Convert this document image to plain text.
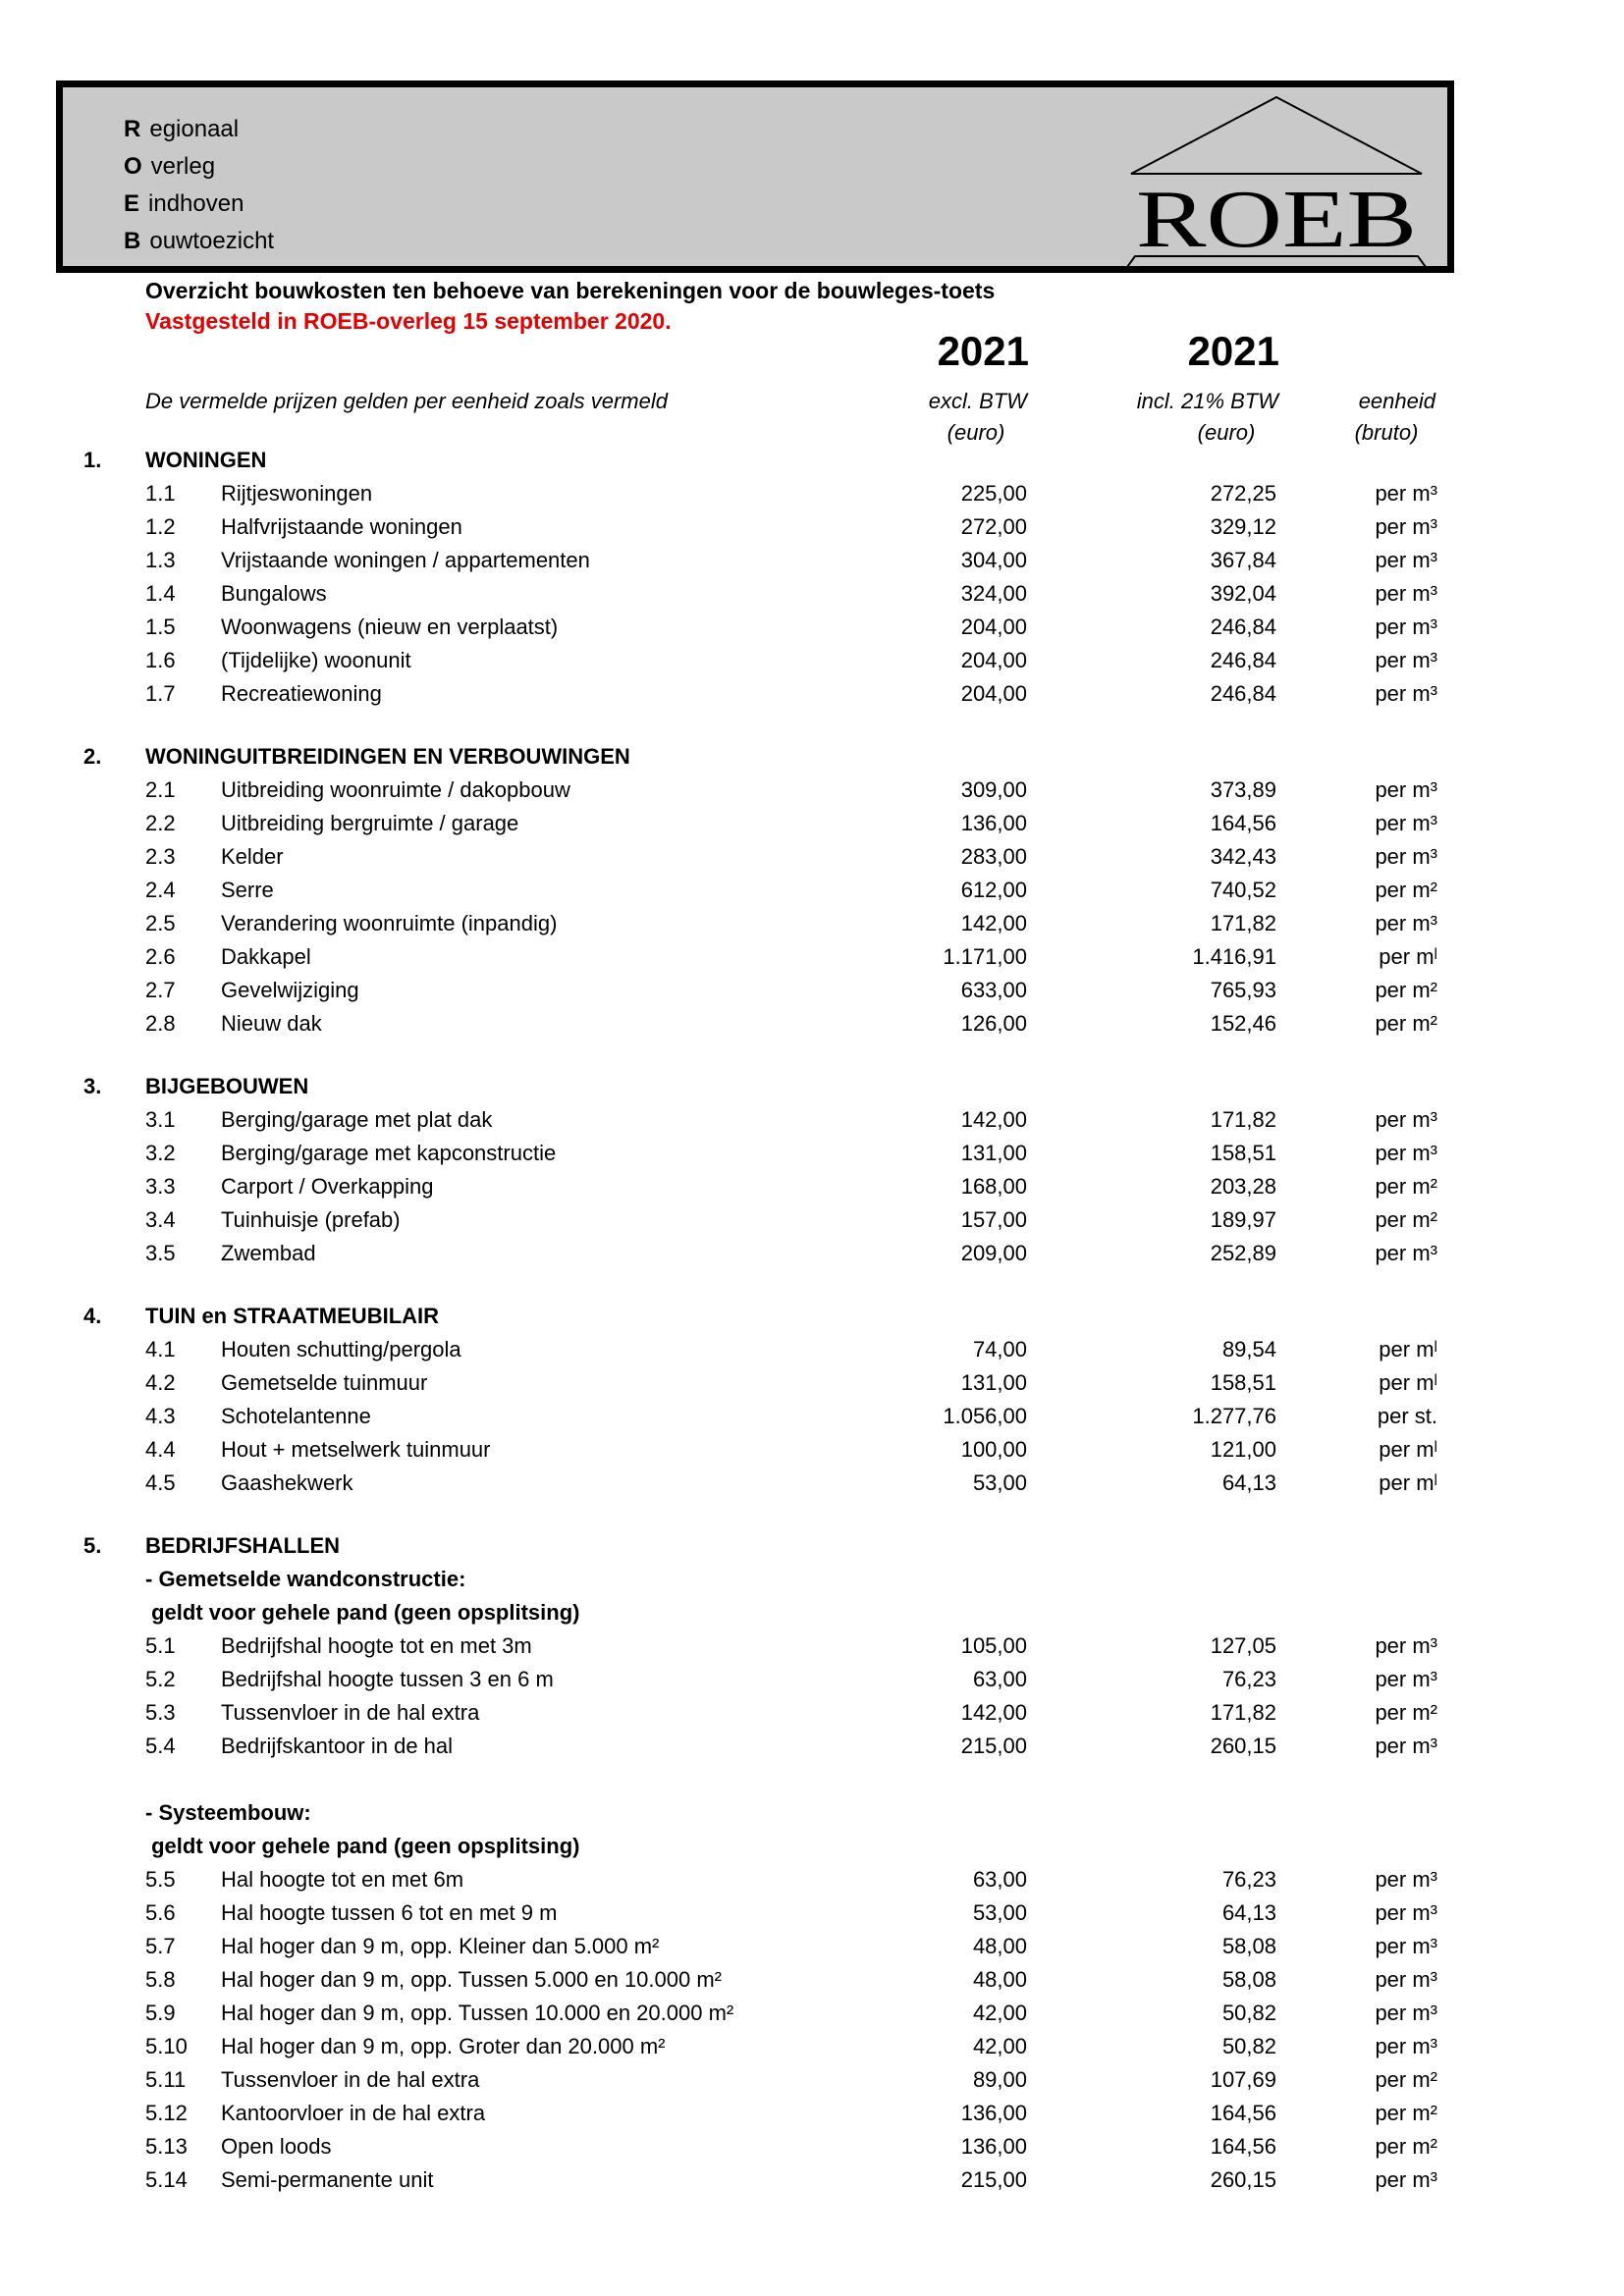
R egionaal
O verleg
E indhoven
B ouwtoezicht	ROEB
Overzicht bouwkosten ten behoeve van berekeningen voor de bouwleges-toets
Vastgesteld in ROEB-overleg 15 september 2020.
2021	2021
De vermelde prijzen gelden per eenheid zoals vermeld	excl. BTW	incl. 21% BTW	eenheid
(euro)	(euro)	(bruto)
1.	WONINGEN
1.1	Rijtjeswoningen	225,00	272,25	per m³
1.2	Halfvrijstaande woningen	272,00	329,12	per m³
1.3	Vrijstaande woningen / appartementen	304,00	367,84	per m³
1.4	Bungalows	324,00	392,04	per m³
1.5	Woonwagens (nieuw en verplaatst)	204,00	246,84	per m³
1.6	(Tijdelijke) woonunit	204,00	246,84	per m³
1.7	Recreatiewoning	204,00	246,84	per m³
2.	WONINGUITBREIDINGEN EN VERBOUWINGEN
2.1	Uitbreiding woonruimte / dakopbouw	309,00	373,89	per m³
2.2	Uitbreiding bergruimte / garage	136,00	164,56	per m³
2.3	Kelder	283,00	342,43	per m³
2.4	Serre	612,00	740,52	per m²
2.5	Verandering woonruimte (inpandig)	142,00	171,82	per m³
2.6	Dakkapel	1.171,00	1.416,91	per mˡ
2.7	Gevelwijziging	633,00	765,93	per m²
2.8	Nieuw dak	126,00	152,46	per m²
3.	BIJGEBOUWEN
3.1	Berging/garage met plat dak	142,00	171,82	per m³
3.2	Berging/garage met kapconstructie	131,00	158,51	per m³
3.3	Carport / Overkapping	168,00	203,28	per m²
3.4	Tuinhuisje (prefab)	157,00	189,97	per m²
3.5	Zwembad	209,00	252,89	per m³
4.	TUIN en STRAATMEUBILAIR
4.1	Houten schutting/pergola	74,00	89,54	per mˡ
4.2	Gemetselde tuinmuur	131,00	158,51	per mˡ
4.3	Schotelantenne	1.056,00	1.277,76	per st.
4.4	Hout + metselwerk tuinmuur	100,00	121,00	per mˡ
4.5	Gaashekwerk	53,00	64,13	per mˡ
5.	BEDRIJFSHALLEN
- Gemetselde wandconstructie:
geldt voor gehele pand (geen opsplitsing)
5.1	Bedrijfshal hoogte tot en met 3m	105,00	127,05	per m³
5.2	Bedrijfshal hoogte tussen 3 en 6 m	63,00	76,23	per m³
5.3	Tussenvloer in de hal extra	142,00	171,82	per m²
5.4	Bedrijfskantoor in de hal	215,00	260,15	per m³
- Systeembouw:
geldt voor gehele pand (geen opsplitsing)
5.5	Hal hoogte tot en met 6m	63,00	76,23	per m³
5.6	Hal hoogte tussen 6 tot en met 9 m	53,00	64,13	per m³
5.7	Hal hoger dan 9 m, opp. Kleiner dan 5.000 m²	48,00	58,08	per m³
5.8	Hal hoger dan 9 m, opp. Tussen 5.000 en 10.000 m²	48,00	58,08	per m³
5.9	Hal hoger dan 9 m, opp. Tussen 10.000 en 20.000 m²	42,00	50,82	per m³
5.10	Hal hoger dan 9 m, opp. Groter dan 20.000 m²	42,00	50,82	per m³
5.11	Tussenvloer in de hal extra	89,00	107,69	per m²
5.12	Kantoorvloer in de hal extra	136,00	164,56	per m²
5.13	Open loods	136,00	164,56	per m²
5.14	Semi-permanente unit	215,00	260,15	per m³
